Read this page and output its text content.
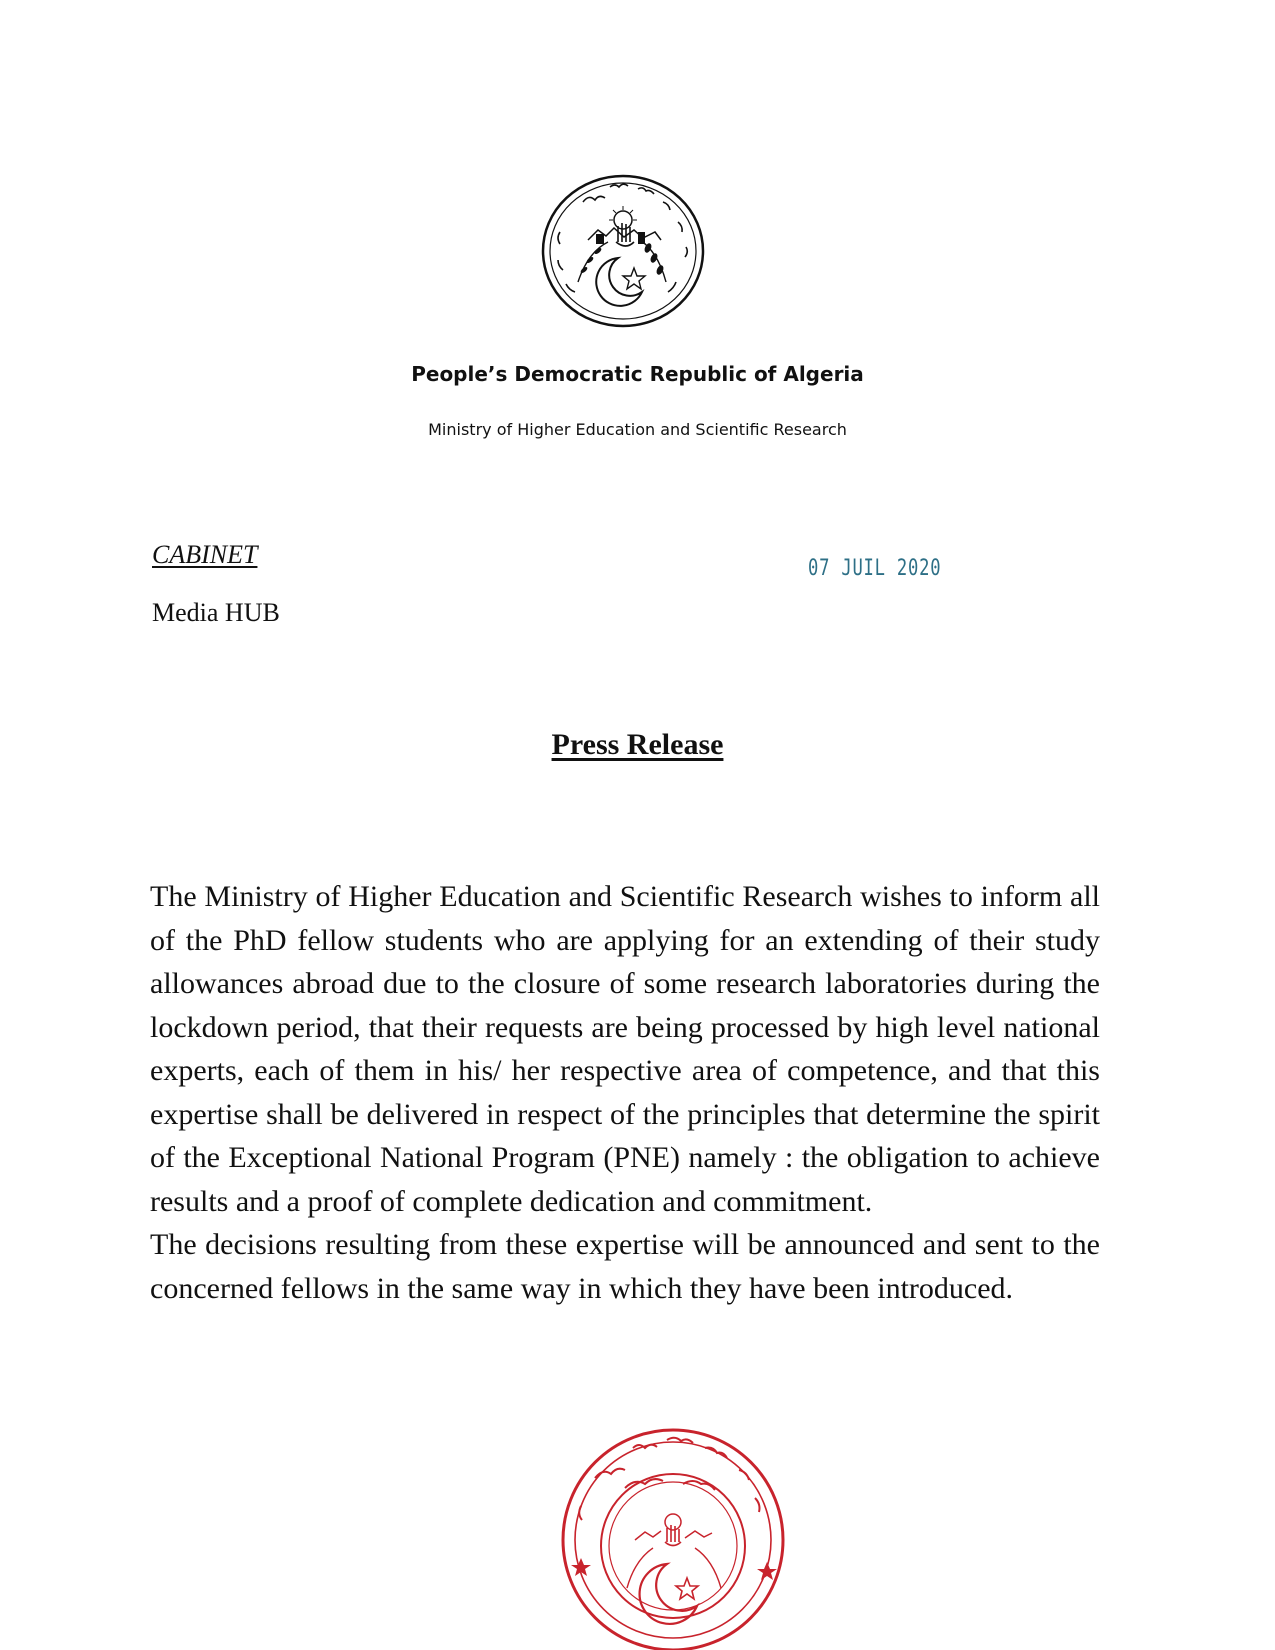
People’s Democratic Republic of Algeria
Ministry of Higher Education and Scientific Research
CABINET
Media HUB
07 JUIL 2020
Press Release

The Ministry of Higher Education and Scientific Research wishes to inform all of the PhD fellow students who are applying for an extending of their study allowances abroad due to the closure of some research laboratories during the lockdown period, that their requests are being processed by high level national experts, each of them in his/ her respective area of competence, and that this expertise shall be delivered in respect of the principles that determine the spirit of the Exceptional National Program (PNE) namely : the obligation to achieve results and a proof of complete dedication and commitment.

The decisions resulting from these expertise will be announced and sent to the concerned fellows in the same way in which they have been introduced.
